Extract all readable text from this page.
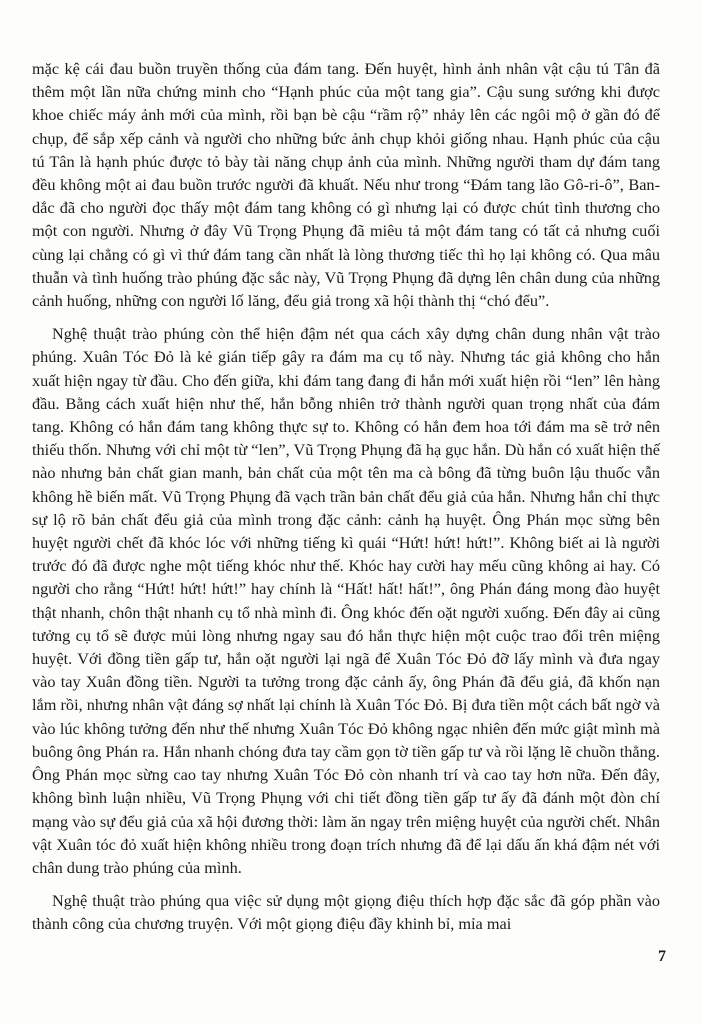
mặc kệ cái đau buồn truyền thống của đám tang. Đến huyệt, hình ảnh nhân vật cậu tú Tân đã thêm một lần nữa chứng minh cho “Hạnh phúc của một tang gia”. Cậu sung sướng khi được khoe chiếc máy ảnh mới của mình, rồi bạn bè cậu “rầm rộ” nhảy lên các ngôi mộ ở gần đó để chụp, để sắp xếp cảnh và người cho những bức ảnh chụp khỏi giống nhau. Hạnh phúc của cậu tú Tân là hạnh phúc được tỏ bày tài năng chụp ảnh của mình. Những người tham dự đám tang đều không một ai đau buồn trước người đã khuất. Nếu như trong “Đám tang lão Gô-ri-ô”, Ban-dắc đã cho người đọc thấy một đám tang không có gì nhưng lại có được chút tình thương cho một con người. Nhưng ở đây Vũ Trọng Phụng đã miêu tả một đám tang có tất cả nhưng cuối cùng lại chẳng có gì vì thứ đám tang cần nhất là lòng thương tiếc thì họ lại không có. Qua mâu thuẫn và tình huống trào phúng đặc sắc này, Vũ Trọng Phụng đã dựng lên chân dung của những cảnh huống, những con người lố lăng, đểu giả trong xã hội thành thị “chó đểu”.

Nghệ thuật trào phúng còn thể hiện đậm nét qua cách xây dựng chân dung nhân vật trào phúng. Xuân Tóc Đỏ là kẻ gián tiếp gây ra đám ma cụ tổ này. Nhưng tác giả không cho hắn xuất hiện ngay từ đầu. Cho đến giữa, khi đám tang đang đi hắn mới xuất hiện rồi “len” lên hàng đầu. Bằng cách xuất hiện như thế, hắn bỗng nhiên trở thành người quan trọng nhất của đám tang. Không có hắn đám tang không thực sự to. Không có hắn đem hoa tới đám ma sẽ trở nên thiếu thốn. Nhưng với chỉ một từ “len”, Vũ Trọng Phụng đã hạ gục hắn. Dù hắn có xuất hiện thế nào nhưng bản chất gian manh, bản chất của một tên ma cà bông đã từng buôn lậu thuốc vẫn không hề biến mất. Vũ Trọng Phụng đã vạch trần bản chất đểu giả của hắn. Nhưng hắn chỉ thực sự lộ rõ bản chất đểu giả của mình trong đặc cảnh: cảnh hạ huyệt. Ông Phán mọc sừng bên huyệt người chết đã khóc lóc với những tiếng kì quái “Hứt! hứt! hứt!”. Không biết ai là người trước đó đã được nghe một tiếng khóc như thế. Khóc hay cười hay mếu cũng không ai hay. Có người cho rằng “Hứt! hứt! hứt!” hay chính là “Hất! hất! hất!”, ông Phán đáng mong đào huyệt thật nhanh, chôn thật nhanh cụ tổ nhà mình đi. Ông khóc đến oặt người xuống. Đến đây ai cũng tưởng cụ tổ sẽ được mủi lòng nhưng ngay sau đó hắn thực hiện một cuộc trao đổi trên miệng huyệt. Với đồng tiền gấp tư, hắn oặt người lại ngã để Xuân Tóc Đỏ đỡ lấy mình và đưa ngay vào tay Xuân đồng tiền. Người ta tưởng trong đặc cảnh ấy, ông Phán đã đểu giả, đã khốn nạn lắm rồi, nhưng nhân vật đáng sợ nhất lại chính là Xuân Tóc Đỏ. Bị đưa tiền một cách bất ngờ và vào lúc không tưởng đến như thế nhưng Xuân Tóc Đỏ không ngạc nhiên đến mức giật mình mà buông ông Phán ra. Hắn nhanh chóng đưa tay cầm gọn tờ tiền gấp tư và rồi lặng lẽ chuồn thẳng. Ông Phán mọc sừng cao tay nhưng Xuân Tóc Đỏ còn nhanh trí và cao tay hơn nữa. Đến đây, không bình luận nhiều, Vũ Trọng Phụng với chi tiết đồng tiền gấp tư ấy đã đánh một đòn chí mạng vào sự đểu giả của xã hội đương thời: làm ăn ngay trên miệng huyệt của người chết. Nhân vật Xuân tóc đỏ xuất hiện không nhiều trong đoạn trích nhưng đã để lại dấu ấn khá đậm nét với chân dung trào phúng của mình.

Nghệ thuật trào phúng qua việc sử dụng một giọng điệu thích hợp đặc sắc đã góp phần vào thành công của chương truyện. Với một giọng điệu đầy khinh bỉ, mỉa mai

7
